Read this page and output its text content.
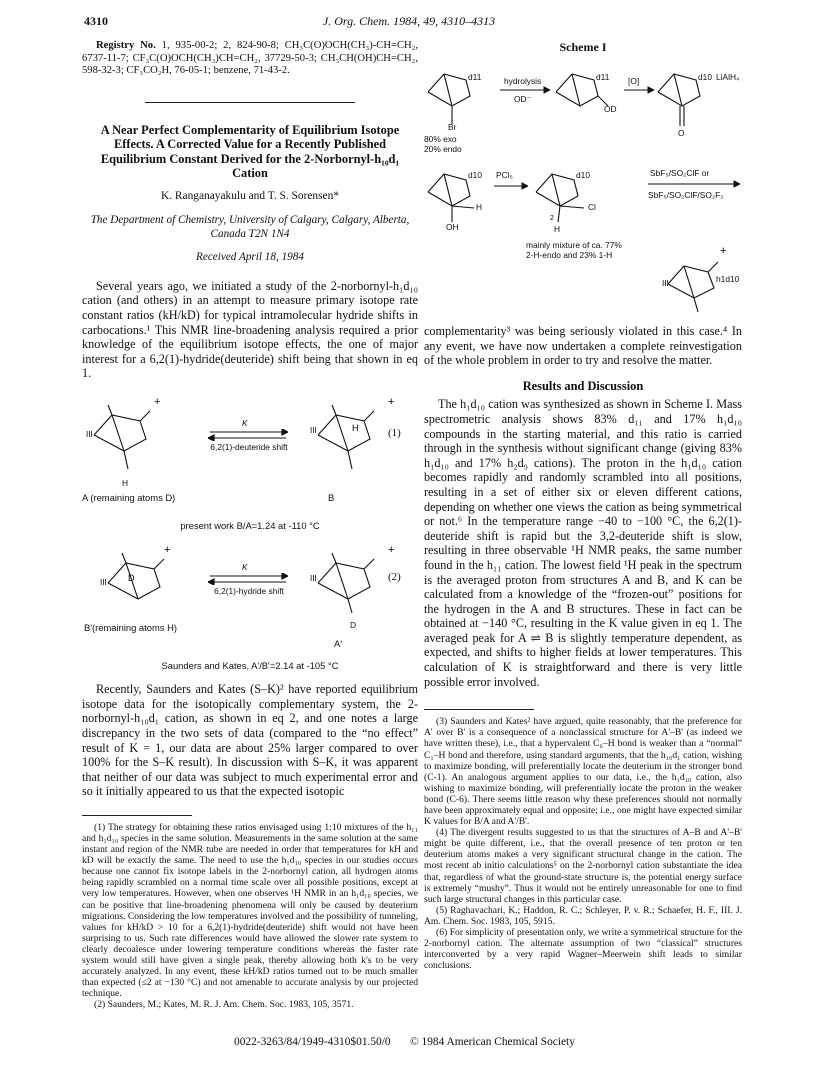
4310	J. Org. Chem. 1984, 49, 4310–4313

Registry No. 1, 935-00-2; 2, 824-90-8; CH₃C(O)OCH(CH₃)-CH=CH₂, 6737-11-7; CF₃C(O)OCH(CH₃)CH=CH₂, 37729-50-3; CH₃CH(OH)CH=CH₂, 598-32-3; CF₃CO₂H, 76-05-1; benzene, 71-43-2.

A Near Perfect Complementarity of Equilibrium Isotope Effects. A Corrected Value for a Recently Published Equilibrium Constant Derived for the 2-Norbornyl-h₁₀d₁ Cation
K. Ranganayakulu and T. S. Sorensen*
The Department of Chemistry, University of Calgary, Calgary, Alberta, Canada T2N 1N4
Received April 18, 1984

Several years ago, we initiated a study of the 2-norbornyl-h₁d₁₀ cation (and others) in an attempt to measure primary isotope rate constant ratios (kH/kD) for typical intramolecular hydride shifts in carbocations.¹ This NMR line-broadening analysis required a prior knowledge of the equilibrium isotope effects, the one of major interest for a 6,2(1)-hydride(deuteride) shift being that shown in eq 1.

+
III
H
K
6,2(1)-deuteride shift
H
+
III	(1)
A (remaining atoms D)	B
present work B/A=1.24 at -110 °C
D
+
III
K
6,2(1)-hydride shift
+
III
D
(2)
B'(remaining atoms H)
A'
Saunders and Kates, A'/B'=2.14 at -105 °C

Recently, Saunders and Kates (S–K)² have reported equilibrium isotope data for the isotopically complementary system, the 2-norbornyl-h₁₀d₁ cation, as shown in eq 2, and one notes a large discrepancy in the two sets of data (compared to the “no effect” result of K = 1, our data are about 25% larger compared to over 100% for the S–K result). In discussion with S–K, it was apparent that neither of our data was subject to much experimental error and so it initially appeared to us that the expected isotopic

(1) The strategy for obtaining these ratios envisaged using 1:10 mixtures of the h₁₁ and h₁d₁₀ species in the same solution. Measurements in the same solution at the same instant and region of the NMR tube are needed in order that temperatures for kH and kD will be exactly the same. The need to use the h₁d₁₀ species in our studies occurs because one cannot fix isotope labels in the 2-norbornyl cation, all hydrogen atoms being rapidly scrambled on a normal time scale over all possible positions, except at very low temperatures. However, when one observes ¹H NMR in an h₁d₁₀ species, we can be positive that line-broadening phenomena will only be caused by deuterium migrations. Considering the low temperatures involved and the possibility of tunneling, values for kH/kD > 10 for a 6,2(1)-hydride(deuteride) shift would not have been surprising to us. Such rate differences would have allowed the slower rate system to clearly decoalesce under lowering temperature conditions whereas the faster rate system would still have given a single peak, thereby allowing both k's to be very accurately analyzed. In any event, these kH/kD ratios turned out to be much smaller than expected (≤2 at −130 °C) and not amenable to accurate analysis by our projected technique.

(2) Saunders, M.; Kates, M. R. J. Am. Chem. Soc. 1983, 105, 3571.

Scheme I
d11
Br
80% exo
20% endo
hydrolysis
OD⁻
d11
OD
[O]	d10
O
LiAlH₄
d10
H
OH
PCl₅
2
d10
Cl
H
SbF₅/SO₂ClF or
SbF₅/SO₂ClF/SO₂F₂
mainly mixture of ca. 77%
2-H-endo and 23% 1-H	+
III	h1d10

complementarity³ was being seriously violated in this case.⁴ In any event, we have now undertaken a complete reinvestigation of the whole problem in order to try and resolve the matter.

Results and Discussion

The h₁d₁₀ cation was synthesized as shown in Scheme I. Mass spectrometric analysis shows 83% d₁₁ and 17% h₁d₁₀ compounds in the starting material, and this ratio is carried through in the synthesis without significant change (giving 83% h₁d₁₀ and 17% h₂d₉ cations). The proton in the h₁d₁₀ cation becomes rapidly and randomly scrambled into all positions, resulting in a set of either six or eleven different cations, depending on whether one views the cation as being symmetrical or not.⁶ In the temperature range −40 to −100 °C, the 6,2(1)-deuteride shift is rapid but the 3,2-deuteride shift is slow, resulting in three observable ¹H NMR peaks, the same number found in the h₁₁ cation. The lowest field ¹H peak in the spectrum is the averaged proton from structures A and B, and K can be calculated from a knowledge of the “frozen-out” positions for the hydrogen in the A and B structures. These in fact can be obtained at −140 °C, resulting in the K value given in eq 1. The averaged peak for A ⇌ B is slightly temperature dependent, as expected, and shifts to higher fields at lower temperatures. This calculation of K is straightforward and there is very little possible error involved.

(3) Saunders and Kates² have argued, quite reasonably, that the preference for A' over B' is a consequence of a nonclassical structure for A'–B' (as indeed we have written these), i.e., that a hypervalent C₆–H bond is weaker than a “normal” C₁–H bond and therefore, using standard arguments, that the h₁₀d₁ cation, wishing to maximize bonding, will preferentially locate the deuterium in the stronger bond (C-1). An analogous argument applies to our data, i.e., the h₁d₁₀ cation, also wishing to maximize bonding, will preferentially locate the proton in the weaker bond (C-6). There seems little reason why these preferences should not normally have been approximately equal and opposite; i.e., one might have expected similar K values for B/A and A'/B'.

(4) The divergent results suggested to us that the structures of A–B and A'–B' might be quite different, i.e., that the overall presence of ten proton or ten deuterium atoms makes a very significant structural change in the cation. The most recent ab initio calculations⁵ on the 2-norbornyl cation substantiate the idea that, regardless of what the ground-state structure is, the potential energy surface is extremely “mushy”. Thus it would not be entirely unreasonable for one to find such large structural changes in this particular case.

(5) Raghavachari, K.; Haddon, R. C.; Schleyer, P. v. R.; Schaefer, H. F., III. J. Am. Chem. Soc. 1983, 105, 5915.

(6) For simplicity of presentation only, we write a symmetrical structure for the 2-norbornyl cation. The alternate assumption of two “classical” structures interconverted by a very rapid Wagner–Meerwein shift leads to similar conclusions.

0022-3263/84/1949-4310$01.50/0 © 1984 American Chemical Society
